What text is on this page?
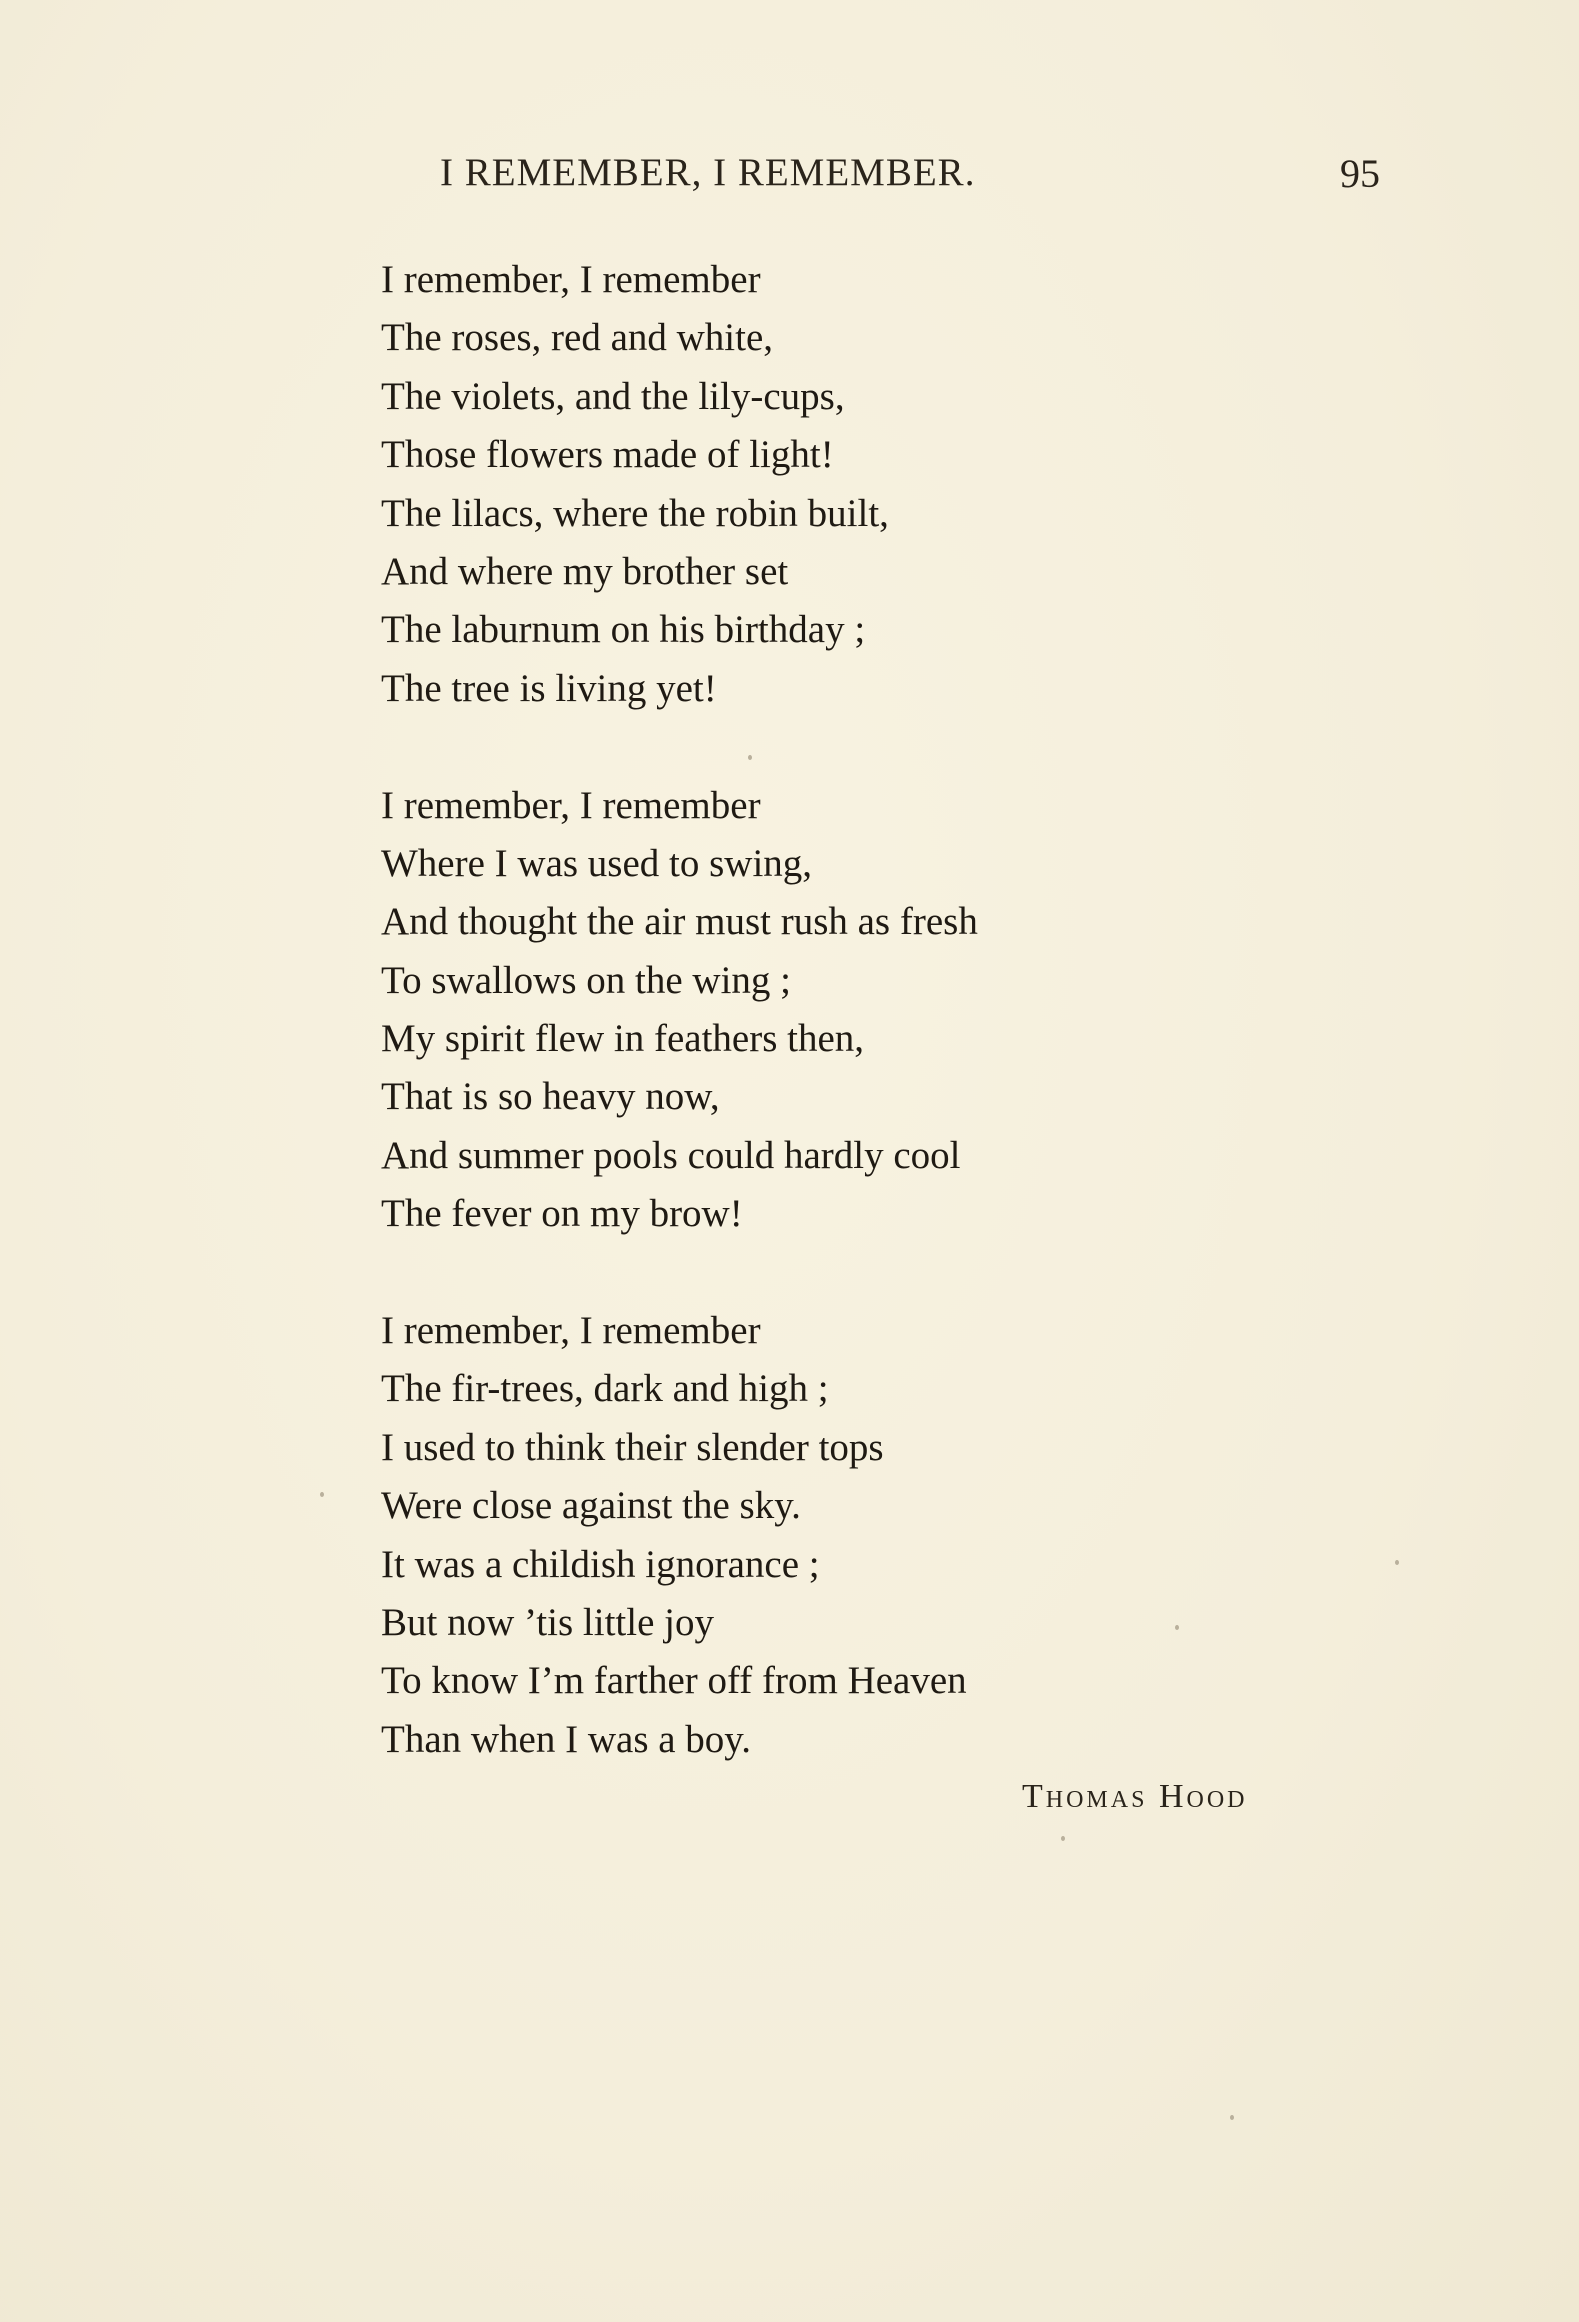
I REMEMBER, I REMEMBER.	95
I remember, I remember
The roses, red and white,
The violets, and the lily-cups,
Those flowers made of light!
The lilacs, where the robin built,
And where my brother set
The laburnum on his birthday ;
The tree is living yet!
I remember, I remember
Where I was used to swing,
And thought the air must rush as fresh
To swallows on the wing ;
My spirit flew in feathers then,
That is so heavy now,
And summer pools could hardly cool
The fever on my brow!
I remember, I remember
The fir-trees, dark and high ;
I used to think their slender tops
Were close against the sky.
It was a childish ignorance ;
But now ’tis little joy
To know I’m farther off from Heaven
Than when I was a boy.
Thomas Hood
